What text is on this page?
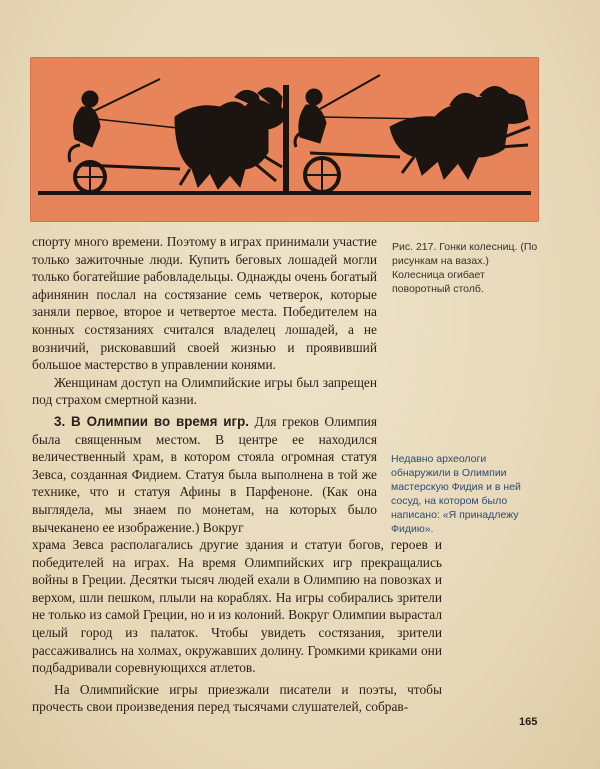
Рис. 217. Гонки колесниц. (По рисункам на вазах.) Колесница огибает поворотный столб.
Недавно археологи обнаружили в Олимпии мастерскую Фидия и в ней сосуд, на котором было написано: «Я принадлежу Фидию».

спорту много времени. Поэтому в играх принимали участие только зажиточные люди. Купить беговых лошадей могли только богатейшие рабовладельцы. Однажды очень богатый афинянин послал на состязание семь четверок, которые заняли первое, второе и четвертое места. Победителем на конных состязаниях считался владелец лошадей, а не возничий, рисковавший своей жизнью и проявивший большое мастерство в управлении конями.

Женщинам доступ на Олимпийские игры был запрещен под страхом смертной казни.

3. В Олимпии во время игр. Для греков Олимпия была священным местом. В центре ее находился величественный храм, в котором стояла огромная статуя Зевса, созданная Фидием. Статуя была выполнена в той же технике, что и статуя Афины в Парфеноне. (Как она выглядела, мы знаем по монетам, на которых было вычеканено ее изображение.) Вокруг

храма Зевса располагались другие здания и статуи богов, героев и победителей на играх. На время Олимпийских игр прекращались войны в Греции. Десятки тысяч людей ехали в Олимпию на повозках и верхом, шли пешком, плыли на кораблях. На игры собирались зрители не только из самой Греции, но и из колоний. Вокруг Олимпии вырастал целый город из палаток. Чтобы увидеть состязания, зрители рассаживались на холмах, окружавших долину. Громкими криками они подбадривали соревнующихся атлетов.

На Олимпийские игры приезжали писатели и поэты, чтобы прочесть свои произведения перед тысячами слушателей, собрав-

165
